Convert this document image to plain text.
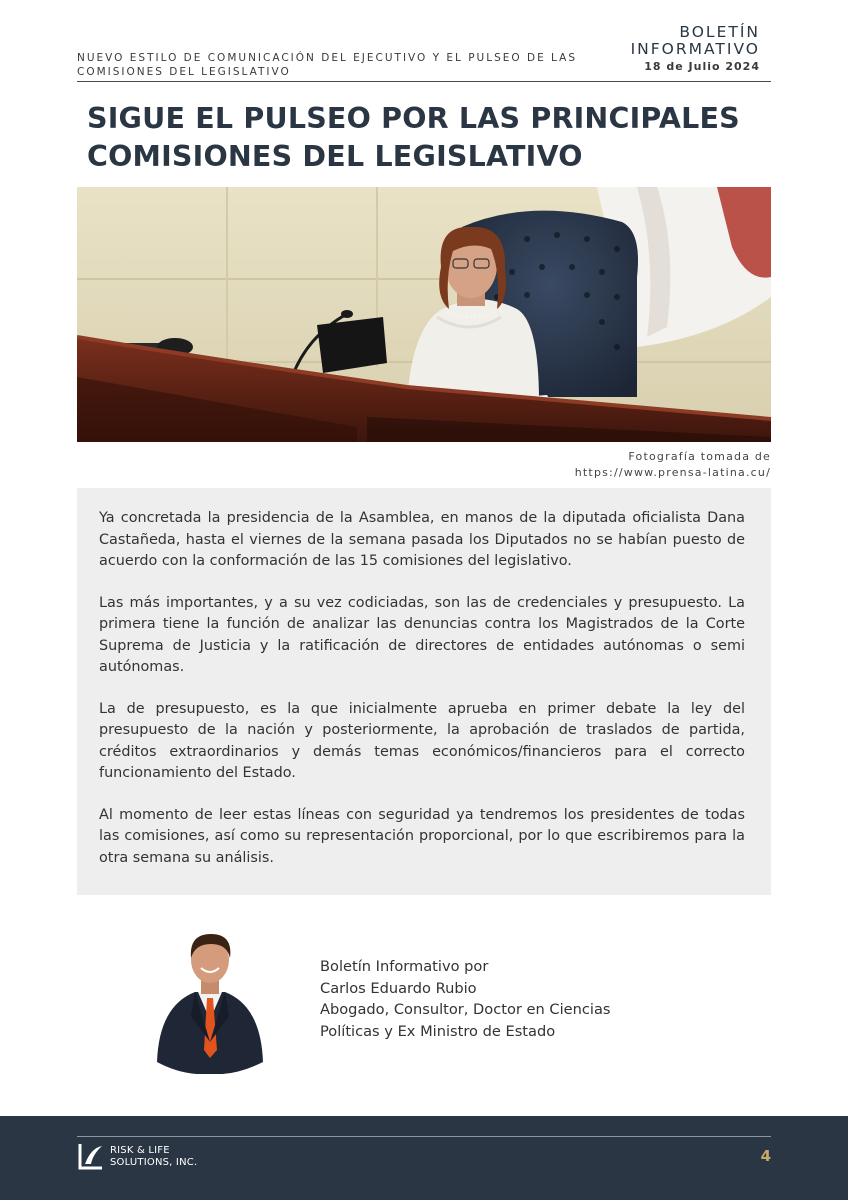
NUEVO ESTILO DE COMUNICACIÓN DEL EJECUTIVO Y EL PULSEO DE LAS COMISIONES DEL LEGISLATIVO
BOLETÍN
INFORMATIVO
18 de Julio 2024
SIGUE EL PULSEO POR LAS PRINCIPALES
COMISIONES DEL LEGISLATIVO
Fotografía tomada de
https://www.prensa-latina.cu/

Ya concretada la presidencia de la Asamblea, en manos de la diputada oficialista Dana Castañeda, hasta el viernes de la semana pasada los Diputados no se habían puesto de acuerdo con la conformación de las 15 comisiones del legislativo.

Las más importantes, y a su vez codiciadas, son las de credenciales y presupuesto. La primera tiene la función de analizar las denuncias contra los Magistrados de la Corte Suprema de Justicia y la ratificación de directores de entidades autónomas o semi autónomas.

La de presupuesto, es la que inicialmente aprueba en primer debate la ley del presupuesto de la nación y posteriormente, la aprobación de traslados de partida, créditos extraordinarios y demás temas económicos/financieros para el correcto funcionamiento del Estado.

Al momento de leer estas líneas con seguridad ya tendremos los presidentes de todas las comisiones, así como su representación proporcional, por lo que escribiremos para la otra semana su análisis.

Boletín Informativo por
Carlos Eduardo Rubio
Abogado, Consultor, Doctor en Ciencias
Políticas y Ex Ministro de Estado
RISK & LIFE
SOLUTIONS, INC.	4
